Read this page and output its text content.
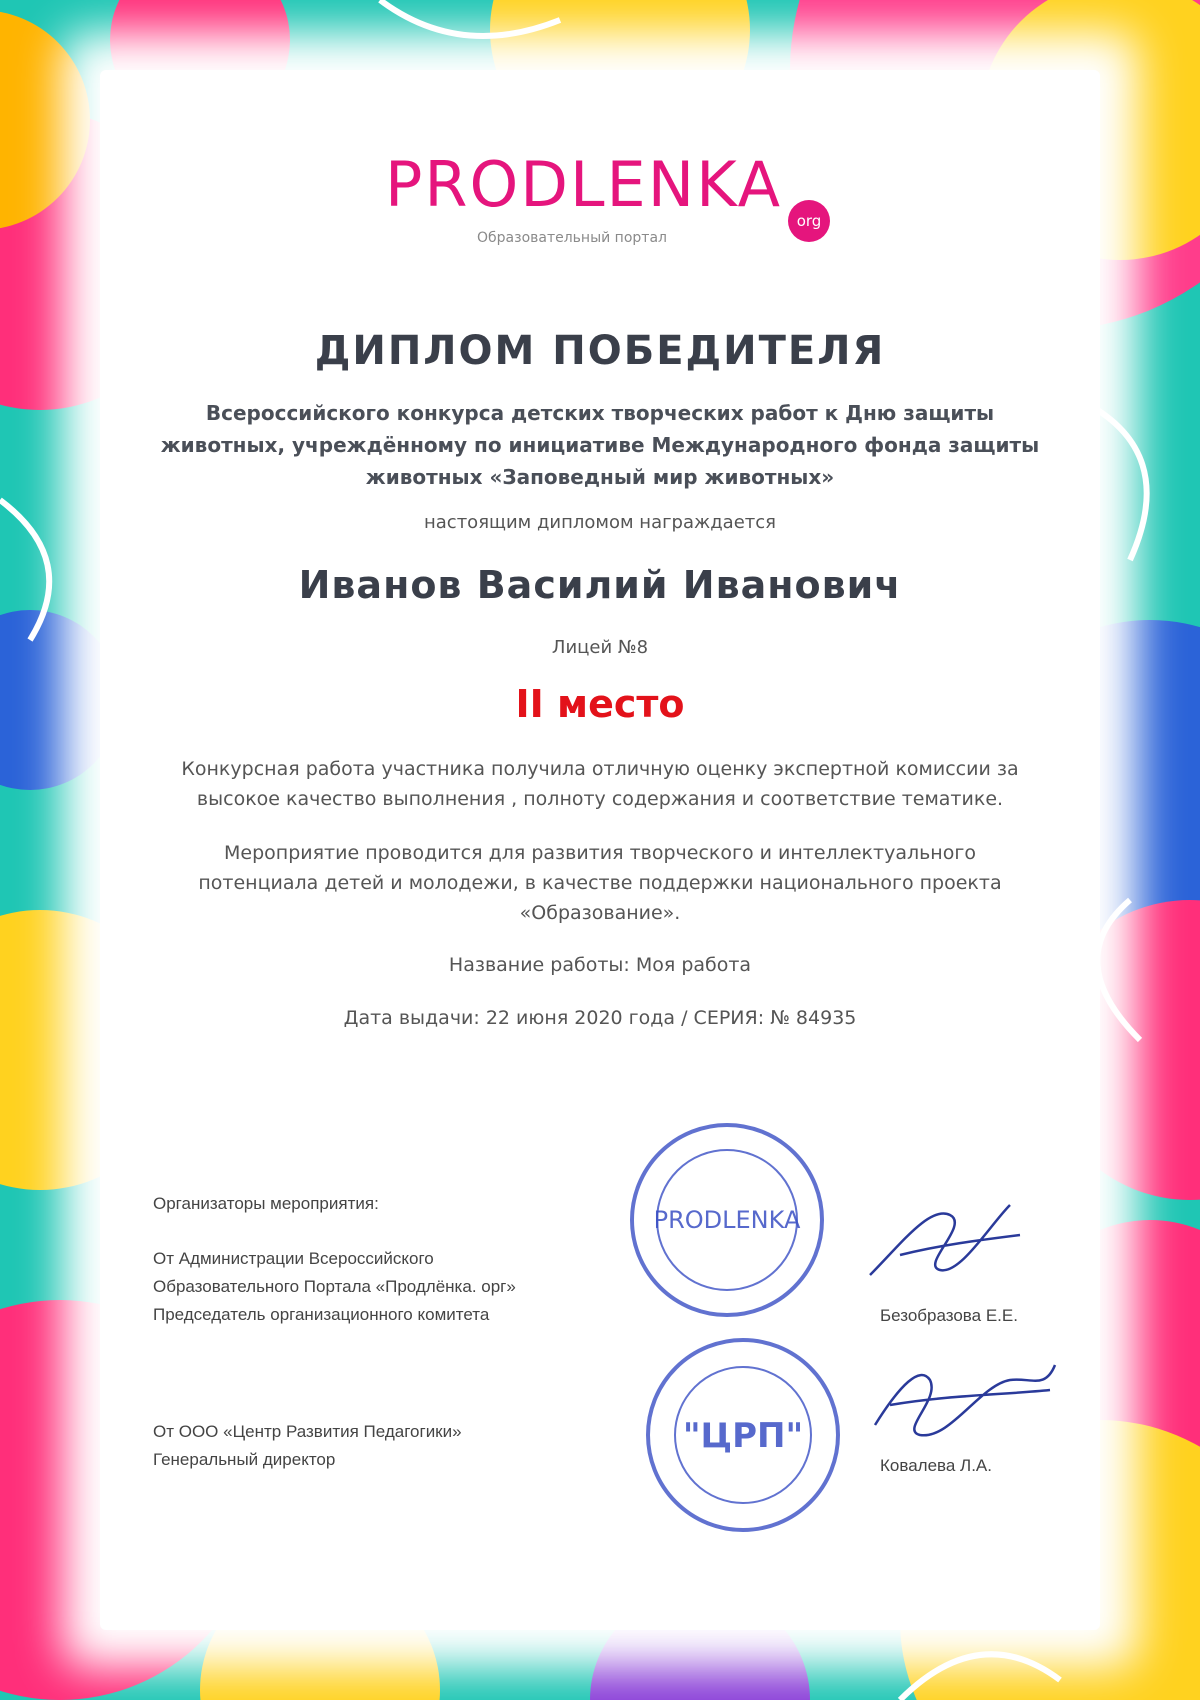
PRODLENKA org
Образовательный портал
ДИПЛОМ ПОБЕДИТЕЛЯ
Всероссийского конкурса детских творческих работ к Дню защиты
животных, учреждённому по инициативе Международного фонда защиты
животных «Заповедный мир животных»
настоящим дипломом награждается
Иванов Василий Иванович
Лицей №8
II место
Конкурсная работа участника получила отличную оценку экспертной комиссии за
высокое качество выполнения , полноту содержания и соответствие тематике.
Мероприятие проводится для развития творческого и интеллектуального
потенциала детей и молодежи, в качестве поддержки национального проекта
«Образование».
Название работы: Моя работа
Дата выдачи: 22 июня 2020 года / СЕРИЯ: № 84935
Организаторы мероприятия:
От Администрации Всероссийского
Образовательного Портала «Продлёнка. орг»
Председатель организационного комитета
От ООО «Центр Развития Педагогики»
Генеральный директор
Безобразова Е.Е.
Ковалева Л.А.
PRODLENKA
"ЦРП"
